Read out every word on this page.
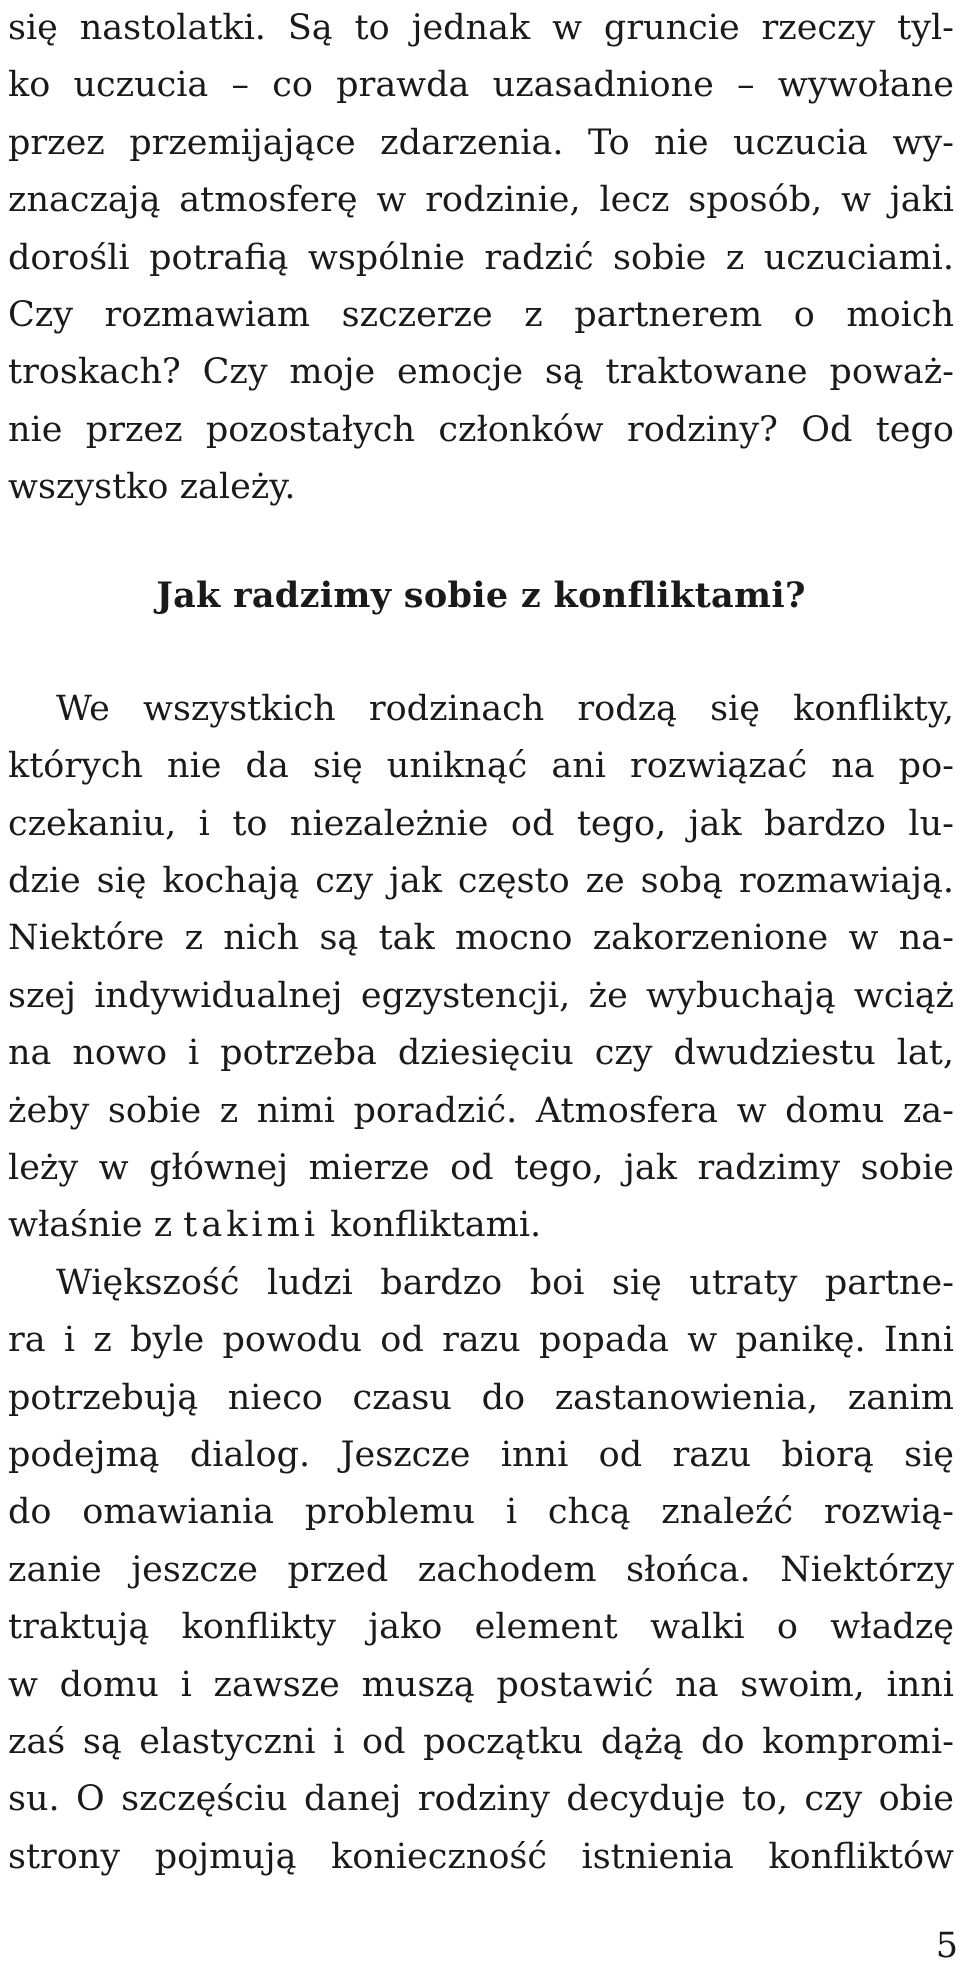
się nastolatki. Są to jednak w gruncie rzeczy tyl-
ko uczucia – co prawda uzasadnione – wywołane
przez przemijające zdarzenia. To nie uczucia wy-
znaczają atmosferę w rodzinie, lecz sposób, w jaki
dorośli potrafią wspólnie radzić sobie z uczuciami.
Czy rozmawiam szczerze z partnerem o moich
troskach? Czy moje emocje są traktowane poważ-
nie przez pozostałych członków rodziny? Od tego
wszystko zależy.
Jak radzimy sobie z konfliktami?
We wszystkich rodzinach rodzą się konflikty,
których nie da się uniknąć ani rozwiązać na po-
czekaniu, i to niezależnie od tego, jak bardzo lu-
dzie się kochają czy jak często ze sobą rozmawiają.
Niektóre z nich są tak mocno zakorzenione w na-
szej indywidualnej egzystencji, że wybuchają wciąż
na nowo i potrzeba dziesięciu czy dwudziestu lat,
żeby sobie z nimi poradzić. Atmosfera w domu za-
leży w głównej mierze od tego, jak radzimy sobie
właśnie z takimi konfliktami.
Większość ludzi bardzo boi się utraty partne-
ra i z byle powodu od razu popada w panikę. Inni
potrzebują nieco czasu do zastanowienia, zanim
podejmą dialog. Jeszcze inni od razu biorą się
do omawiania problemu i chcą znaleźć rozwią-
zanie jeszcze przed zachodem słońca. Niektórzy
traktują konflikty jako element walki o władzę
w domu i zawsze muszą postawić na swoim, inni
zaś są elastyczni i od początku dążą do kompromi-
su. O szczęściu danej rodziny decyduje to, czy obie
strony pojmują konieczność istnienia konfliktów
5
